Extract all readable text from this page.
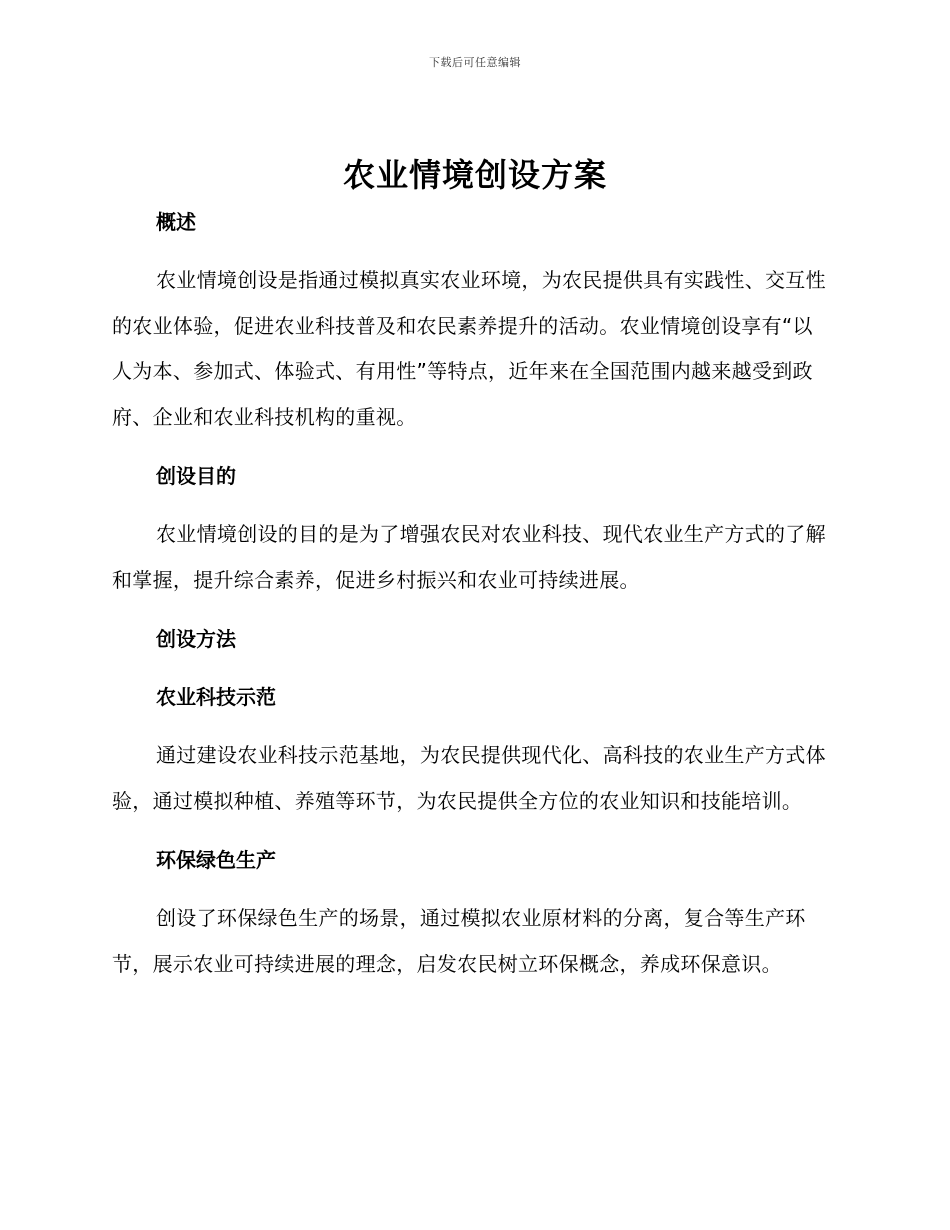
下载后可任意编辑
农业情境创设方案
概述

农业情境创设是指通过模拟真实农业环境，为农民提供具有实践性、交互性的农业体验，促进农业科技普及和农民素养提升的活动。农业情境创设享有“以人为本、参加式、体验式、有用性”等特点，近年来在全国范围内越来越受到政府、企业和农业科技机构的重视。

创设目的

农业情境创设的目的是为了增强农民对农业科技、现代农业生产方式的了解和掌握，提升综合素养，促进乡村振兴和农业可持续进展。

创设方法
农业科技示范

通过建设农业科技示范基地，为农民提供现代化、高科技的农业生产方式体验，通过模拟种植、养殖等环节，为农民提供全方位的农业知识和技能培训。

环保绿色生产

创设了环保绿色生产的场景，通过模拟农业原材料的分离，复合等生产环节，展示农业可持续进展的理念，启发农民树立环保概念，养成环保意识。
